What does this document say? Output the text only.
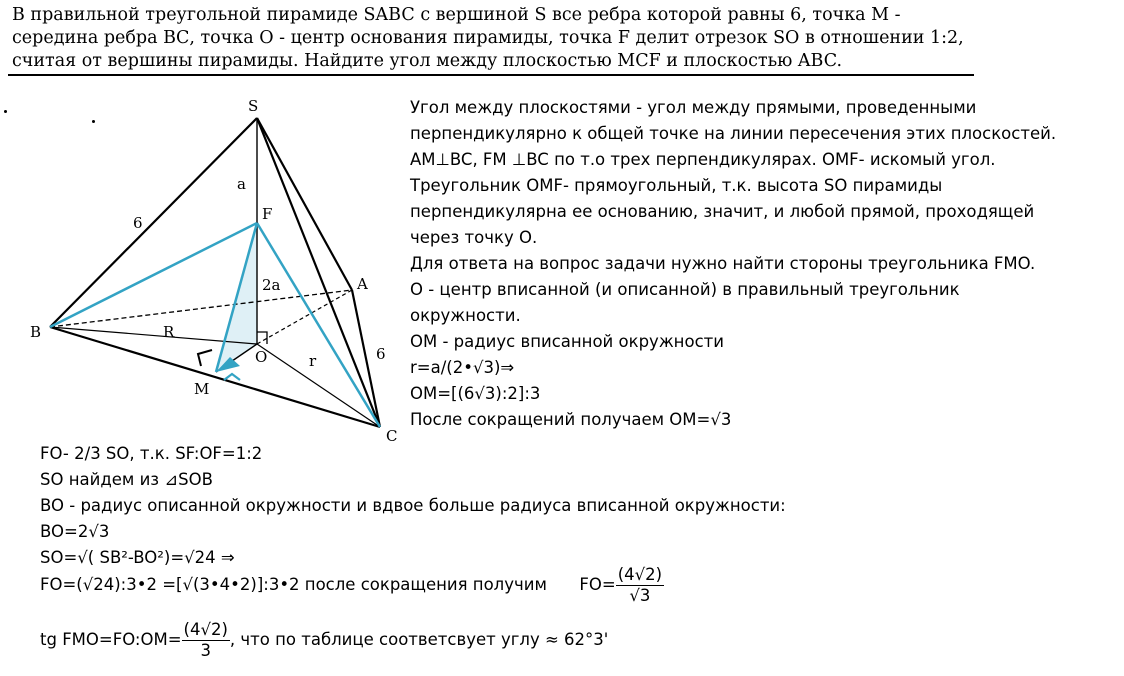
В правильной треугольной пирамиде SABC с вершиной S все ребра которой равны 6, точка М -
середина ребра ВС, точка О - центр основания пирамиды, точка F делит отрезок SO в отношении 1:2,
считая от вершины пирамиды. Найдите угол между плоскостью MCF и плоскостью ABC.
S
F
A
B
C
M
O
6
6
a
2a
R
r
Угол между плоскостями - угол между прямыми, проведенными
перпендикулярно к общей точке на линии пересечения этих плоскостей.
AM⊥BC, FM ⊥BC по т.о трех перпендикулярах. OMF- искомый угол.
Треугольник OMF- прямоугольный, т.к. высота SO пирамиды
перпендикулярна ее основанию, значит, и любой прямой, проходящей
через точку О.
Для ответа на вопрос задачи нужно найти стороны треугольника FMO.
О - центр вписанной (и описанной) в правильный треугольник
окружности.
ОМ - радиус вписанной окружности
r=a/(2•√3)⇒
OM=[(6√3):2]:3
После сокращений получаем OM=√3
FO- 2/3 SO, т.к. SF:OF=1:2
SO найдем из ⊿SOB
BO - радиус описанной окружности и вдвое больше радиуса вписанной окружности:
BO=2√3
SO=√( SB²-BO²)=√24 ⇒
FO=(√24):3•2 =[√(3•4•2)]:3•2 после сокращения получим $FO= \frac{(4√2)}{√3}$
tg FMO=FO:OM= $\frac{(4√2)}{3}$ , что по таблице соответсвует углу ≈ 62°3'
